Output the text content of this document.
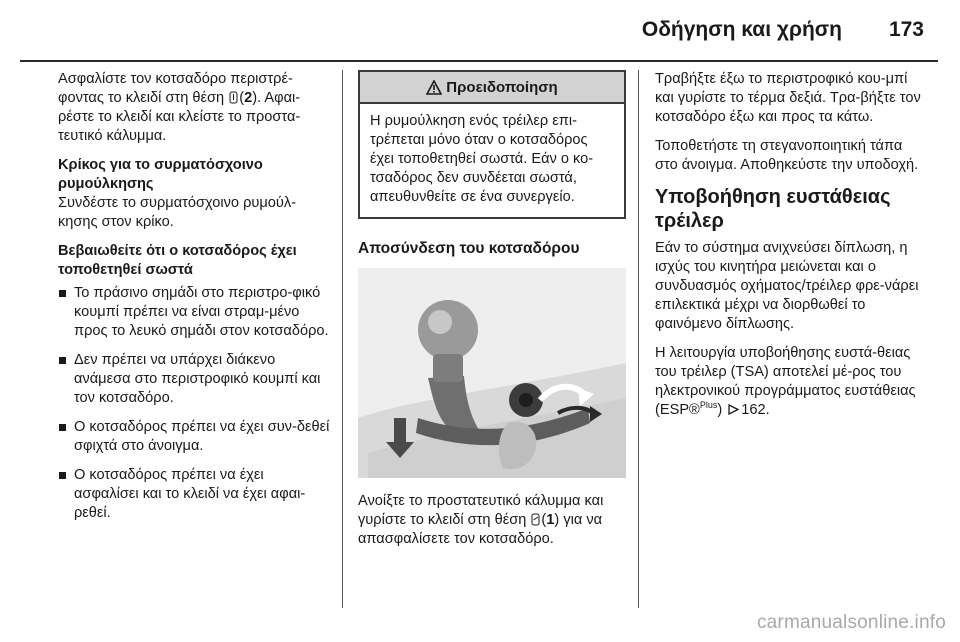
Οδήγηση και χρήση 173

Ασφαλίστε τον κοτσαδόρο περιστρέ-φοντας το κλειδί στη θέση (2). Αφαι-ρέστε το κλειδί και κλείστε το προστα-τευτικό κάλυμμα.

Κρίκος για το συρματόσχοινο ρυμούλκησης

Συνδέστε το συρματόσχοινο ρυμούλ-κησης στον κρίκο.

Βεβαιωθείτε ότι ο κοτσαδόρος έχει τοποθετηθεί σωστά

Το πράσινο σημάδι στο περιστρο-φικό κουμπί πρέπει να είναι στραμ-μένο προς το λευκό σημάδι στον κοτσαδόρο.
Δεν πρέπει να υπάρχει διάκενο ανάμεσα στο περιστροφικό κουμπί και τον κοτσαδόρο.
Ο κοτσαδόρος πρέπει να έχει συν-δεθεί σφιχτά στο άνοιγμα.
Ο κοτσαδόρος πρέπει να έχει ασφαλίσει και το κλειδί να έχει αφαι-ρεθεί.
Προειδοποίηση
Η ρυμούλκηση ενός τρέιλερ επι-τρέπεται μόνο όταν ο κοτσαδόρος έχει τοποθετηθεί σωστά. Εάν ο κο-τσαδόρος δεν συνδέεται σωστά, απευθυνθείτε σε ένα συνεργείο.

Αποσύνδεση του κοτσαδόρου

Ανοίξτε το προστατευτικό κάλυμμα και γυρίστε το κλειδί στη θέση (1) για να απασφαλίσετε τον κοτσαδόρο.

Τραβήξτε έξω το περιστροφικό κου-μπί και γυρίστε το τέρμα δεξιά. Τρα-βήξτε τον κοτσαδόρο έξω και προς τα κάτω.

Τοποθετήστε τη στεγανοποιητική τάπα στο άνοιγμα. Αποθηκεύστε την υποδοχή.

Υποβοήθηση ευστάθειας τρέιλερ

Εάν το σύστημα ανιχνεύσει δίπλωση, η ισχύς του κινητήρα μειώνεται και ο συνδυασμός οχήματος/τρέιλερ φρε-νάρει επιλεκτικά μέχρι να διορθωθεί το φαινόμενο δίπλωσης.

Η λειτουργία υποβοήθησης ευστά-θειας του τρέιλερ (TSA) αποτελεί μέ-ρος του ηλεκτρονικού προγράμματος ευστάθειας (ESP®$^{Plus}$) 162.

carmanualsonline.info
